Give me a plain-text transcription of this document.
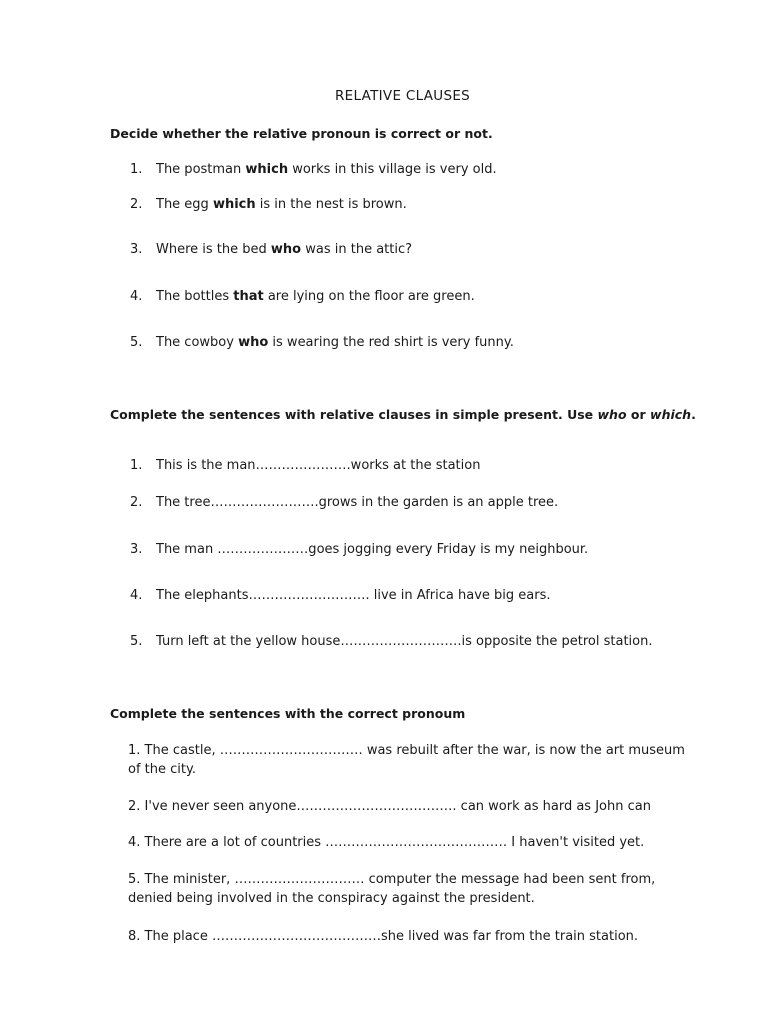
RELATIVE CLAUSES
Decide whether the relative pronoun is correct or not.
1. The postman which works in this village is very old.
2. The egg which is in the nest is brown.
3. Where is the bed who was in the attic?
4. The bottles that are lying on the floor are green.
5. The cowboy who is wearing the red shirt is very funny.
Complete the sentences with relative clauses in simple present. Use who or which.
1. This is the man………………….works at the station
2. The tree…………………….grows in the garden is an apple tree.
3. The man …………………goes jogging every Friday is my neighbour.
4. The elephants………………………. live in Africa have big ears.
5. Turn left at the yellow house……………………….is opposite the petrol station.
Complete the sentences with the correct pronoum
1. The castle, …………………………… was rebuilt after the war, is now the art museum of the city.
2. I've never seen anyone………………………………. can work as hard as John can
4. There are a lot of countries …………………………………… I haven't visited yet.
5. The minister, ………………………… computer the message had been sent from, denied being involved in the conspiracy against the president.
8. The place …………………………………she lived was far from the train station.
